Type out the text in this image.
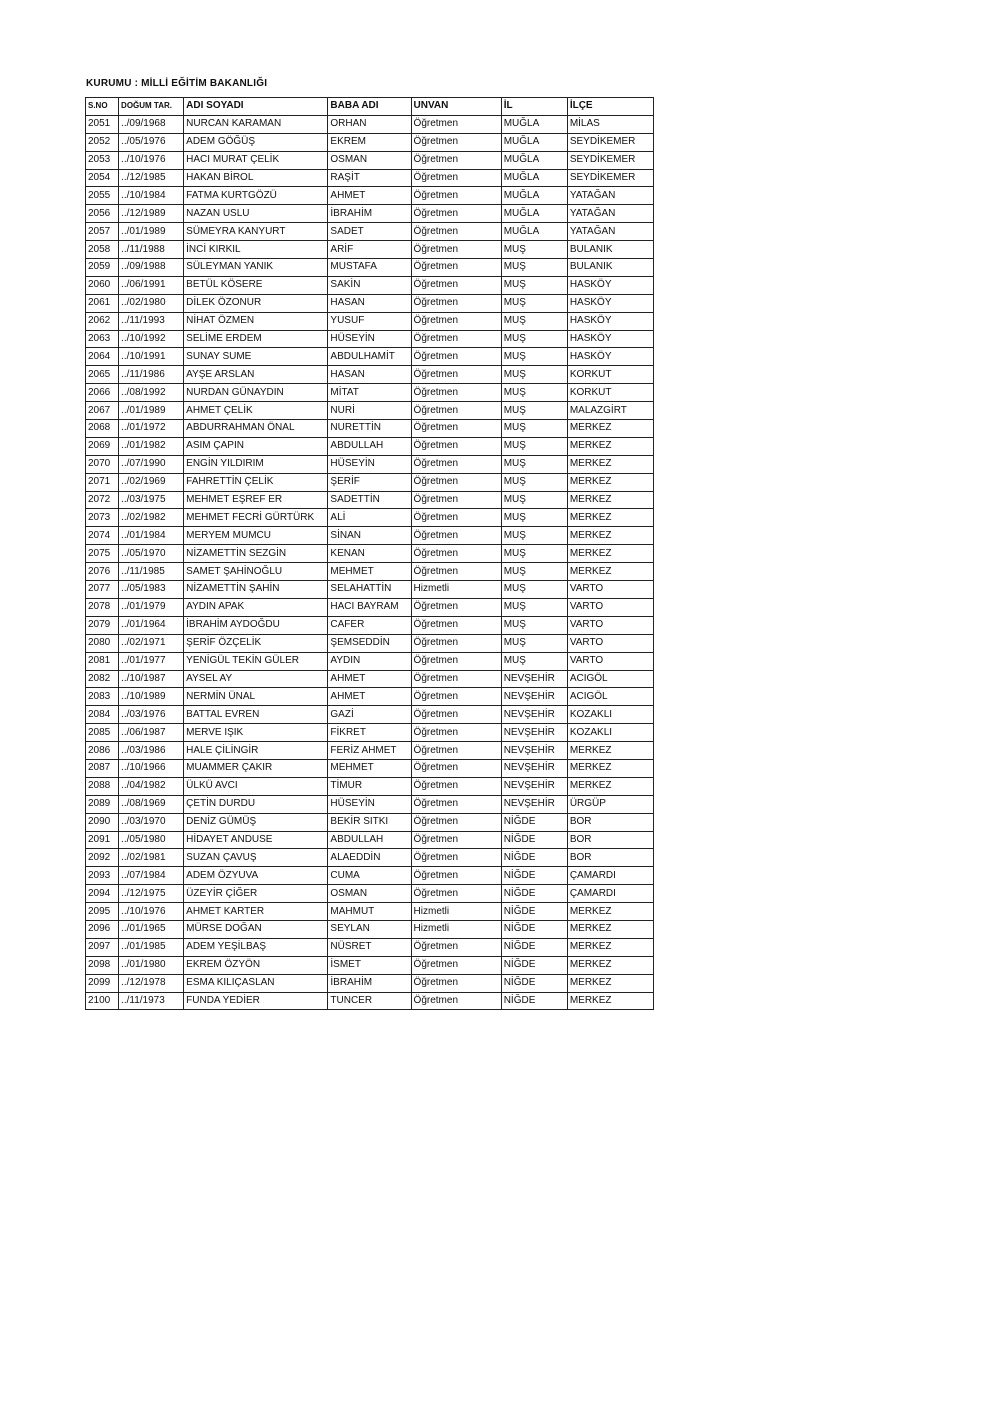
KURUMU : MİLLİ EĞİTİM BAKANLIĞI
S.NO	DOĞUM TAR.	ADI SOYADI	BABA ADI	UNVAN	İL	İLÇE
2051	../09/1968	NURCAN KARAMAN	ORHAN	Öğretmen	MUĞLA	MİLAS
2052	../05/1976	ADEM GÖĞÜŞ	EKREM	Öğretmen	MUĞLA	SEYDİKEMER
2053	../10/1976	HACI MURAT ÇELİK	OSMAN	Öğretmen	MUĞLA	SEYDİKEMER
2054	../12/1985	HAKAN BİROL	RAŞİT	Öğretmen	MUĞLA	SEYDİKEMER
2055	../10/1984	FATMA KURTGÖZÜ	AHMET	Öğretmen	MUĞLA	YATAĞAN
2056	../12/1989	NAZAN USLU	İBRAHİM	Öğretmen	MUĞLA	YATAĞAN
2057	../01/1989	SÜMEYRA KANYURT	SADET	Öğretmen	MUĞLA	YATAĞAN
2058	../11/1988	İNCİ KIRKIL	ARİF	Öğretmen	MUŞ	BULANIK
2059	../09/1988	SÜLEYMAN YANIK	MUSTAFA	Öğretmen	MUŞ	BULANIK
2060	../06/1991	BETÜL KÖSERE	SAKİN	Öğretmen	MUŞ	HASKÖY
2061	../02/1980	DİLEK ÖZONUR	HASAN	Öğretmen	MUŞ	HASKÖY
2062	../11/1993	NİHAT ÖZMEN	YUSUF	Öğretmen	MUŞ	HASKÖY
2063	../10/1992	SELİME ERDEM	HÜSEYİN	Öğretmen	MUŞ	HASKÖY
2064	../10/1991	SUNAY SUME	ABDULHAMİT	Öğretmen	MUŞ	HASKÖY
2065	../11/1986	AYŞE ARSLAN	HASAN	Öğretmen	MUŞ	KORKUT
2066	../08/1992	NURDAN GÜNAYDIN	MİTAT	Öğretmen	MUŞ	KORKUT
2067	../01/1989	AHMET ÇELİK	NURİ	Öğretmen	MUŞ	MALAZGİRT
2068	../01/1972	ABDURRAHMAN ÖNAL	NURETTİN	Öğretmen	MUŞ	MERKEZ
2069	../01/1982	ASIM ÇAPIN	ABDULLAH	Öğretmen	MUŞ	MERKEZ
2070	../07/1990	ENGİN YILDIRIM	HÜSEYİN	Öğretmen	MUŞ	MERKEZ
2071	../02/1969	FAHRETTİN ÇELİK	ŞERİF	Öğretmen	MUŞ	MERKEZ
2072	../03/1975	MEHMET EŞREF ER	SADETTİN	Öğretmen	MUŞ	MERKEZ
2073	../02/1982	MEHMET FECRİ GÜRTÜRK	ALİ	Öğretmen	MUŞ	MERKEZ
2074	../01/1984	MERYEM MUMCU	SİNAN	Öğretmen	MUŞ	MERKEZ
2075	../05/1970	NİZAMETTİN SEZGİN	KENAN	Öğretmen	MUŞ	MERKEZ
2076	../11/1985	SAMET ŞAHİNOĞLU	MEHMET	Öğretmen	MUŞ	MERKEZ
2077	../05/1983	NİZAMETTİN ŞAHİN	SELAHATTİN	Hizmetli	MUŞ	VARTO
2078	../01/1979	AYDIN APAK	HACI BAYRAM	Öğretmen	MUŞ	VARTO
2079	../01/1964	İBRAHİM AYDOĞDU	CAFER	Öğretmen	MUŞ	VARTO
2080	../02/1971	ŞERİF ÖZÇELİK	ŞEMSEDDİN	Öğretmen	MUŞ	VARTO
2081	../01/1977	YENİGÜL TEKİN GÜLER	AYDIN	Öğretmen	MUŞ	VARTO
2082	../10/1987	AYSEL AY	AHMET	Öğretmen	NEVŞEHİR	ACIGÖL
2083	../10/1989	NERMİN ÜNAL	AHMET	Öğretmen	NEVŞEHİR	ACIGÖL
2084	../03/1976	BATTAL EVREN	GAZİ	Öğretmen	NEVŞEHİR	KOZAKLI
2085	../06/1987	MERVE IŞIK	FİKRET	Öğretmen	NEVŞEHİR	KOZAKLI
2086	../03/1986	HALE ÇİLİNGİR	FERİZ AHMET	Öğretmen	NEVŞEHİR	MERKEZ
2087	../10/1966	MUAMMER ÇAKIR	MEHMET	Öğretmen	NEVŞEHİR	MERKEZ
2088	../04/1982	ÜLKÜ AVCI	TİMUR	Öğretmen	NEVŞEHİR	MERKEZ
2089	../08/1969	ÇETİN DURDU	HÜSEYİN	Öğretmen	NEVŞEHİR	ÜRGÜP
2090	../03/1970	DENİZ GÜMÜŞ	BEKİR SITKI	Öğretmen	NİĞDE	BOR
2091	../05/1980	HİDAYET ANDUSE	ABDULLAH	Öğretmen	NİĞDE	BOR
2092	../02/1981	SUZAN ÇAVUŞ	ALAEDDİN	Öğretmen	NİĞDE	BOR
2093	../07/1984	ADEM ÖZYUVA	CUMA	Öğretmen	NİĞDE	ÇAMARDI
2094	../12/1975	ÜZEYİR ÇİĞER	OSMAN	Öğretmen	NİĞDE	ÇAMARDI
2095	../10/1976	AHMET KARTER	MAHMUT	Hizmetli	NİĞDE	MERKEZ
2096	../01/1965	MÜRSE DOĞAN	SEYLAN	Hizmetli	NİĞDE	MERKEZ
2097	../01/1985	ADEM YEŞİLBAŞ	NÜSRET	Öğretmen	NİĞDE	MERKEZ
2098	../01/1980	EKREM ÖZYÖN	İSMET	Öğretmen	NİĞDE	MERKEZ
2099	../12/1978	ESMA KILIÇASLAN	İBRAHİM	Öğretmen	NİĞDE	MERKEZ
2100	../11/1973	FUNDA YEDİER	TUNCER	Öğretmen	NİĞDE	MERKEZ
